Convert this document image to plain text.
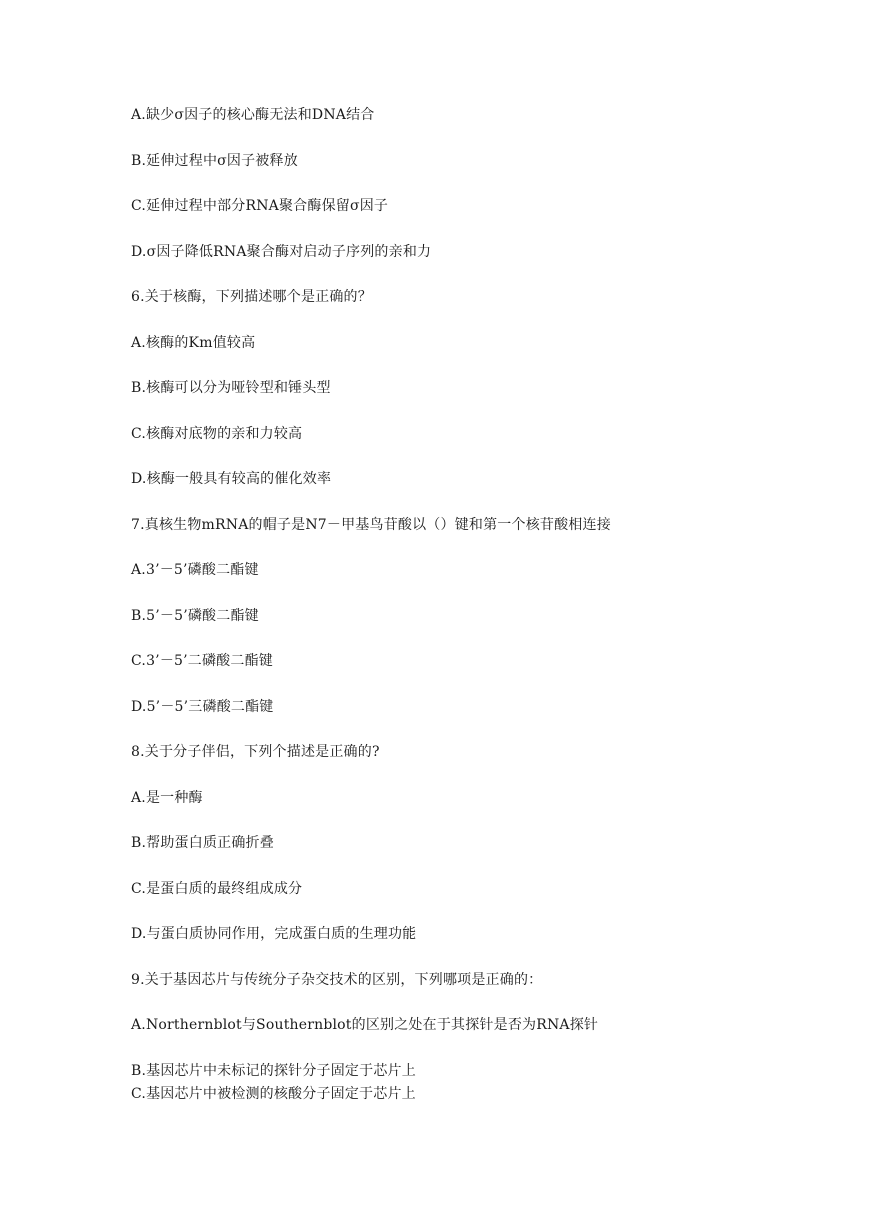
A.缺少σ因子的核心酶无法和DNA结合
B.延伸过程中σ因子被释放
C.延伸过程中部分RNA聚合酶保留σ因子
D.σ因子降低RNA聚合酶对启动子序列的亲和力
6.关于核酶，下列描述哪个是正确的？
A.核酶的Km值较高
B.核酶可以分为哑铃型和锤头型
C.核酶对底物的亲和力较高
D.核酶一般具有较高的催化效率
7.真核生物mRNA的帽子是N7－甲基鸟苷酸以（）键和第一个核苷酸相连接
A.3’－5’磷酸二酯键
B.5’－5’磷酸二酯键
C.3’－5’二磷酸二酯键
D.5’－5’三磷酸二酯键
8.关于分子伴侣，下列个描述是正确的?
A.是一种酶
B.帮助蛋白质正确折叠
C.是蛋白质的最终组成成分
D.与蛋白质协同作用，完成蛋白质的生理功能
9.关于基因芯片与传统分子杂交技术的区别，下列哪项是正确的：
A.Northernblot与Southernblot的区别之处在于其探针是否为RNA探针
B.基因芯片中未标记的探针分子固定于芯片上
C.基因芯片中被检测的核酸分子固定于芯片上
